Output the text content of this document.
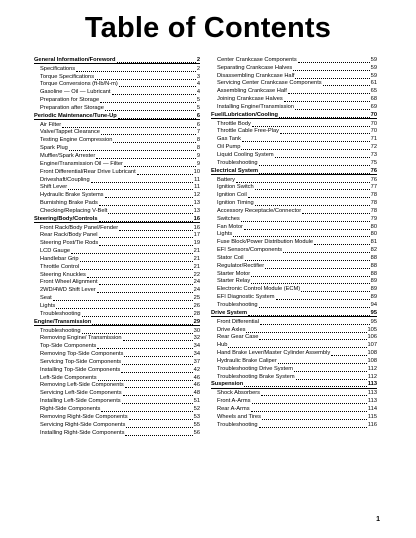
Table of Contents
General Information/Foreword	2
Specifications	2
Torque Specifications	3
Torque Conversions (ft-lb/N-m)	4
Gasoline — Oil — Lubricant	4
Preparation for Storage	5
Preparation after Storage	5
Periodic Maintenance/Tune-Up	6
Air Filter	6
Valve/Tappet Clearance	7
Testing Engine Compression	8
Spark Plug	8
Muffler/Spark Arrester	9
Engine/Transmission Oil — Filter	9
Front Differential/Rear Drive Lubricant	10
Driveshaft/Coupling	11
Shift Lever	11
Hydraulic Brake Systems	12
Burnishing Brake Pads	13
Checking/Replacing V-Belt	13
Steering/Body/Controls	16
Front Rack/Body Panel/Fender	16
Rear Rack/Body Panel	17
Steering Post/Tie Rods	19
LCD Gauge	21
Handlebar Grip	21
Throttle Control	21
Steering Knuckles	22
Front Wheel Alignment	24
2WD/4WD Shift Lever	24
Seat	25
Lights	26
Troubleshooting	28
Engine/Transmission	29
Troubleshooting	30
Removing Engine/ Transmission	32
Top-Side Components	34
Removing Top-Side Components	34
Servicing Top-Side Components	37
Installing Top-Side Components	42
Left-Side Components	46
Removing Left-Side Components	46
Servicing Left-Side Components	48
Installing Left-Side Components	51
Right-Side Components	52
Removing Right-Side Components	53
Servicing Right-Side Components	55
Installing Right-Side Components	56
Center Crankcase Components	59
Separating Crankcase Halves	59
Disassembling Crankcase Half	59
Servicing Center Crankcase Components	61
Assembling Crankcase Half	65
Joining Crankcase Halves	68
Installing Engine/Transmission	69
Fuel/Lubrication/Cooling	70
Throttle Body	70
Throttle Cable Free-Play	70
Gas Tank	71
Oil Pump	72
Liquid Cooling System	73
Troubleshooting	75
Electrical System	76
Battery	76
Ignition Switch	77
Ignition Coil	78
Ignition Timing	78
Accessory Receptacle/Connector	78
Switches	79
Fan Motor	80
Lights	80
Fuse Block/Power Distribution Module	81
EFI Sensors/Components	82
Stator Coil	88
Regulator/Rectifier	88
Starter Motor	88
Starter Relay	89
Electronic Control Module (ECM)	89
EFI Diagnostic System	89
Troubleshooting	94
Drive System	95
Front Differential	95
Drive Axles	105
Rear Gear Case	106
Hub	107
Hand Brake Lever/Master Cylinder Assembly	108
Hydraulic Brake Caliper	108
Troubleshooting Drive System	112
Troubleshooting Brake System	112
Suspension	113
Shock Absorbers	113
Front A-Arms	113
Rear A-Arms	114
Wheels and Tires	115
Troubleshooting	116
1
